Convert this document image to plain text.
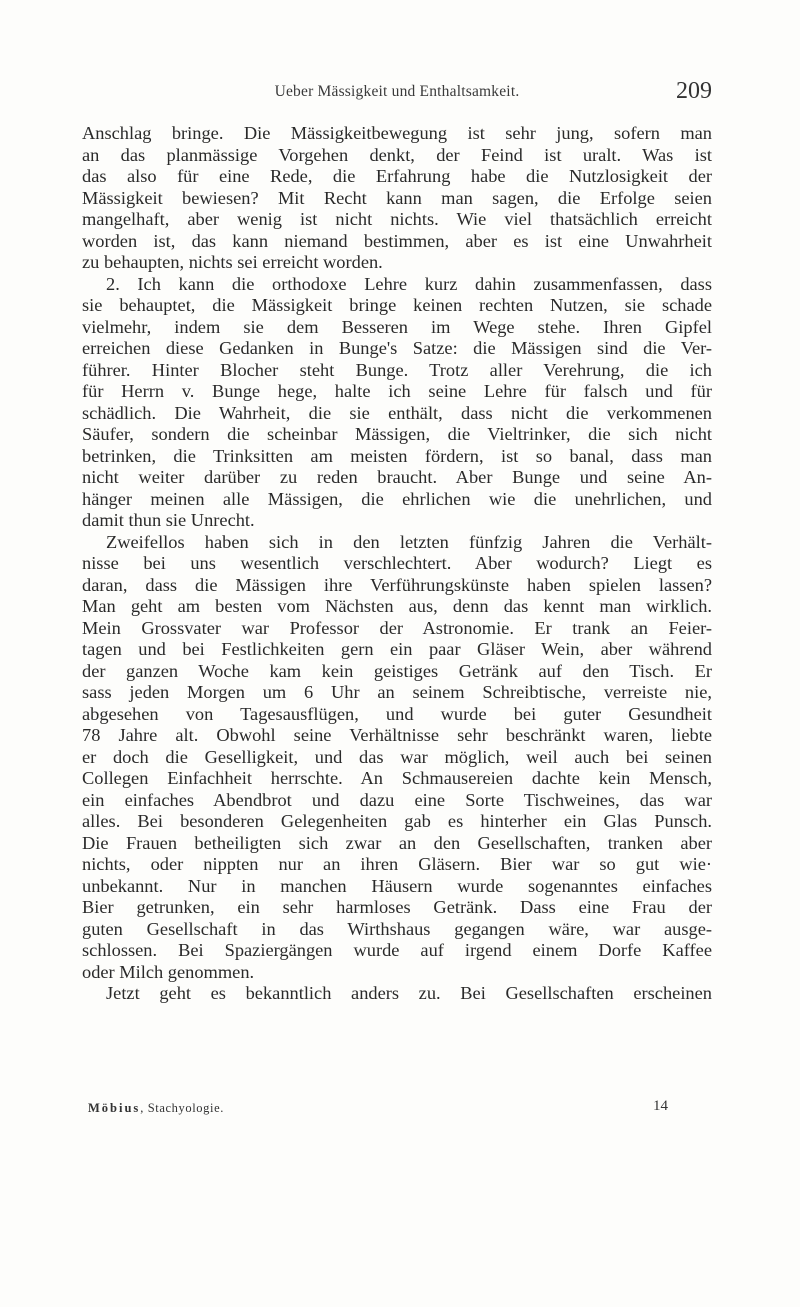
Ueber Mässigkeit und Enthaltsamkeit.	209
Anschlag bringe. Die Mässigkeitbewegung ist sehr jung, sofern man
an das planmässige Vorgehen denkt, der Feind ist uralt. Was ist
das also für eine Rede, die Erfahrung habe die Nutzlosigkeit der
Mässigkeit bewiesen? Mit Recht kann man sagen, die Erfolge seien
mangelhaft, aber wenig ist nicht nichts. Wie viel thatsächlich erreicht
worden ist, das kann niemand bestimmen, aber es ist eine Unwahrheit
zu behaupten, nichts sei erreicht worden.
2. Ich kann die orthodoxe Lehre kurz dahin zusammenfassen, dass
sie behauptet, die Mässigkeit bringe keinen rechten Nutzen, sie schade
vielmehr, indem sie dem Besseren im Wege stehe. Ihren Gipfel
erreichen diese Gedanken in Bunge's Satze: die Mässigen sind die Ver-
führer. Hinter Blocher steht Bunge. Trotz aller Verehrung, die ich
für Herrn v. Bunge hege, halte ich seine Lehre für falsch und für
schädlich. Die Wahrheit, die sie enthält, dass nicht die verkommenen
Säufer, sondern die scheinbar Mässigen, die Vieltrinker, die sich nicht
betrinken, die Trinksitten am meisten fördern, ist so banal, dass man
nicht weiter darüber zu reden braucht. Aber Bunge und seine An-
hänger meinen alle Mässigen, die ehrlichen wie die unehrlichen, und
damit thun sie Unrecht.
Zweifellos haben sich in den letzten fünfzig Jahren die Verhält-
nisse bei uns wesentlich verschlechtert. Aber wodurch? Liegt es
daran, dass die Mässigen ihre Verführungskünste haben spielen lassen?
Man geht am besten vom Nächsten aus, denn das kennt man wirklich.
Mein Grossvater war Professor der Astronomie. Er trank an Feier-
tagen und bei Festlichkeiten gern ein paar Gläser Wein, aber während
der ganzen Woche kam kein geistiges Getränk auf den Tisch. Er
sass jeden Morgen um 6 Uhr an seinem Schreibtische, verreiste nie,
abgesehen von Tagesausflügen, und wurde bei guter Gesundheit
78 Jahre alt. Obwohl seine Verhältnisse sehr beschränkt waren, liebte
er doch die Geselligkeit, und das war möglich, weil auch bei seinen
Collegen Einfachheit herrschte. An Schmausereien dachte kein Mensch,
ein einfaches Abendbrot und dazu eine Sorte Tischweines, das war
alles. Bei besonderen Gelegenheiten gab es hinterher ein Glas Punsch.
Die Frauen betheiligten sich zwar an den Gesellschaften, tranken aber
nichts, oder nippten nur an ihren Gläsern. Bier war so gut wie·
unbekannt. Nur in manchen Häusern wurde sogenanntes einfaches
Bier getrunken, ein sehr harmloses Getränk. Dass eine Frau der
guten Gesellschaft in das Wirthshaus gegangen wäre, war ausge-
schlossen. Bei Spaziergängen wurde auf irgend einem Dorfe Kaffee
oder Milch genommen.
Jetzt geht es bekanntlich anders zu. Bei Gesellschaften erscheinen
Möbius, Stachyologie.	14
